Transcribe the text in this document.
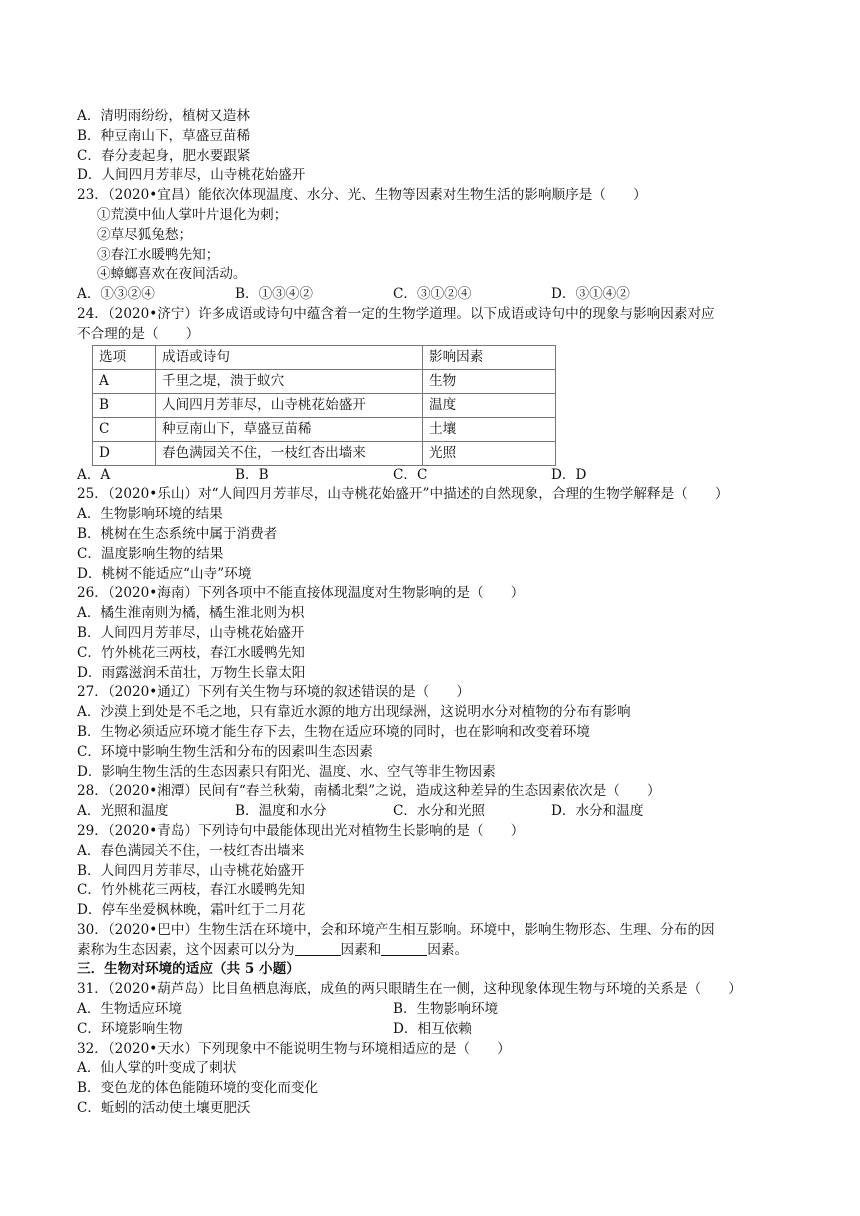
A．清明雨纷纷，植树又造林
B．种豆南山下，草盛豆苗稀
C．春分麦起身，肥水要跟紧
D．人间四月芳菲尽，山寺桃花始盛开
23．（2020•宜昌）能依次体现温度、水分、光、生物等因素对生物生活的影响顺序是（　　）
①荒漠中仙人掌叶片退化为刺；
②草尽狐兔愁；
③春江水暖鸭先知；
④蟑螂喜欢在夜间活动。
A．①③②④	B．①③④②	C．③①②④	D．③①④②
24．（2020•济宁）许多成语或诗句中蕴含着一定的生物学道理。以下成语或诗句中的现象与影响因素对应
不合理的是（　　）
选项	成语或诗句	影响因素
A	千里之堤，溃于蚁穴	生物
B	人间四月芳菲尽，山寺桃花始盛开	温度
C	种豆南山下，草盛豆苗稀	土壤
D	春色满园关不住，一枝红杏出墙来	光照
A．A	B．B	C．C	D．D
25．（2020•乐山）对“人间四月芳菲尽，山寺桃花始盛开”中描述的自然现象，合理的生物学解释是（　　）
A．生物影响环境的结果
B．桃树在生态系统中属于消费者
C．温度影响生物的结果
D．桃树不能适应“山寺”环境
26．（2020•海南）下列各项中不能直接体现温度对生物影响的是（　　）
A．橘生淮南则为橘，橘生淮北则为枳
B．人间四月芳菲尽，山寺桃花始盛开
C．竹外桃花三两枝，春江水暖鸭先知
D．雨露滋润禾苗壮，万物生长靠太阳
27．（2020•通辽）下列有关生物与环境的叙述错误的是（　　）
A．沙漠上到处是不毛之地，只有靠近水源的地方出现绿洲，这说明水分对植物的分布有影响
B．生物必须适应环境才能生存下去，生物在适应环境的同时，也在影响和改变着环境
C．环境中影响生物生活和分布的因素叫生态因素
D．影响生物生活的生态因素只有阳光、温度、水、空气等非生物因素
28．（2020•湘潭）民间有“春兰秋菊，南橘北梨”之说，造成这种差异的生态因素依次是（　　）
A．光照和温度	B．温度和水分	C．水分和光照	D．水分和温度
29．（2020•青岛）下列诗句中最能体现出光对植物生长影响的是（　　）
A．春色满园关不住，一枝红杏出墙来
B．人间四月芳菲尽，山寺桃花始盛开
C．竹外桃花三两枝，春江水暖鸭先知
D．停车坐爱枫林晚，霜叶红于二月花
30．（2020•巴中）生物生活在环境中，会和环境产生相互影响。环境中，影响生物形态、生理、分布的因
素称为生态因素，这个因素可以分为	因素和	因素。
三．生物对环境的适应（共 5 小题）
31．（2020•葫芦岛）比目鱼栖息海底，成鱼的两只眼睛生在一侧，这种现象体现生物与环境的关系是（　　）
A．生物适应环境	B．生物影响环境
C．环境影响生物	D．相互依赖
32．（2020•天水）下列现象中不能说明生物与环境相适应的是（　　）
A．仙人掌的叶变成了刺状
B．变色龙的体色能随环境的变化而变化
C．蚯蚓的活动使土壤更肥沃
